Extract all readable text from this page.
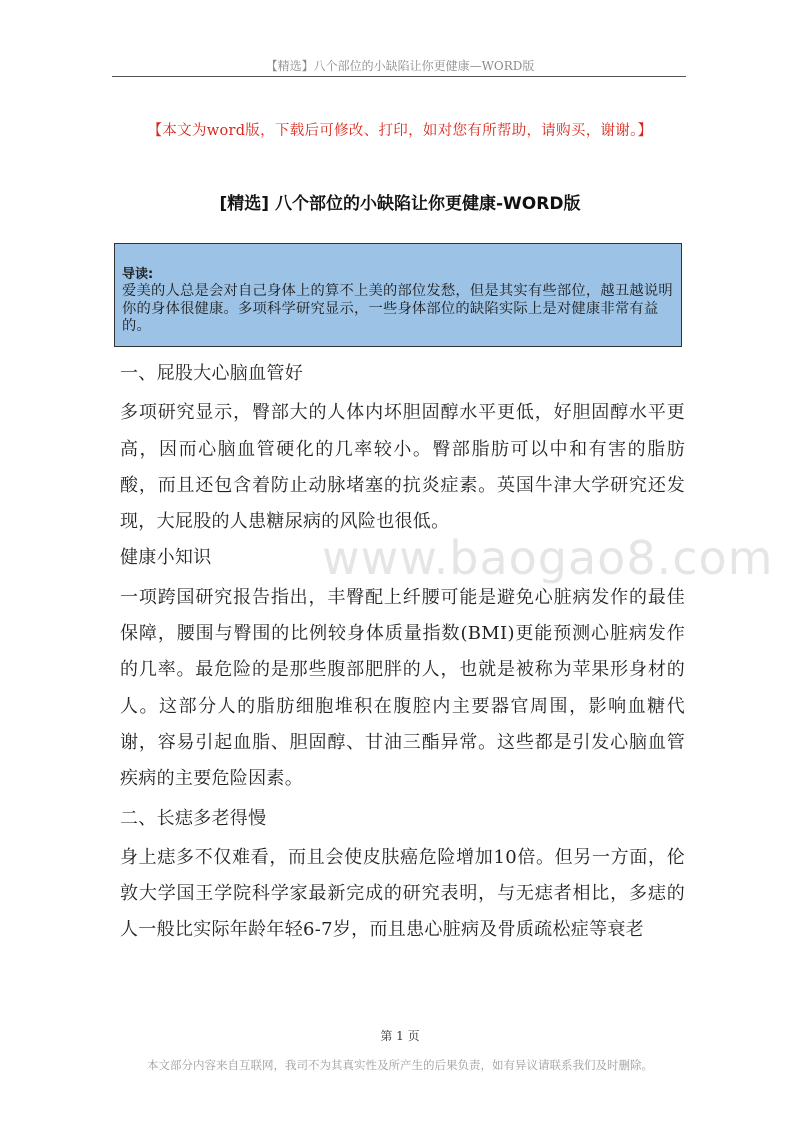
【精选】八个部位的小缺陷让你更健康—WORD版
【本文为word版，下载后可修改、打印，如对您有所帮助，请购买，谢谢。】
[精选] 八个部位的小缺陷让你更健康-WORD版
导读:
爱美的人总是会对自己身体上的算不上美的部位发愁，但是其实有些部位，越丑越说明你的身体很健康。多项科学研究显示，一些身体部位的缺陷实际上是对健康非常有益的。
www.baogao8.com
一、屁股大心脑血管好

多项研究显示，臀部大的人体内坏胆固醇水平更低，好胆固醇水平更高，因而心脑血管硬化的几率较小。臀部脂肪可以中和有害的脂肪酸，而且还包含着防止动脉堵塞的抗炎症素。英国牛津大学研究还发现，大屁股的人患糖尿病的风险也很低。

健康小知识

一项跨国研究报告指出，丰臀配上纤腰可能是避免心脏病发作的最佳保障，腰围与臀围的比例较身体质量指数(BMI)更能预测心脏病发作的几率。最危险的是那些腹部肥胖的人，也就是被称为苹果形身材的人。这部分人的脂肪细胞堆积在腹腔内主要器官周围，影响血糖代谢，容易引起血脂、胆固醇、甘油三酯异常。这些都是引发心脑血管疾病的主要危险因素。

二、长痣多老得慢

身上痣多不仅难看，而且会使皮肤癌危险增加10倍。但另一方面，伦敦大学国王学院科学家最新完成的研究表明，与无痣者相比，多痣的人一般比实际年龄年轻6-7岁，而且患心脏病及骨质疏松症等衰老

第 1 页
本文部分内容来自互联网，我司不为其真实性及所产生的后果负责，如有异议请联系我们及时删除。
